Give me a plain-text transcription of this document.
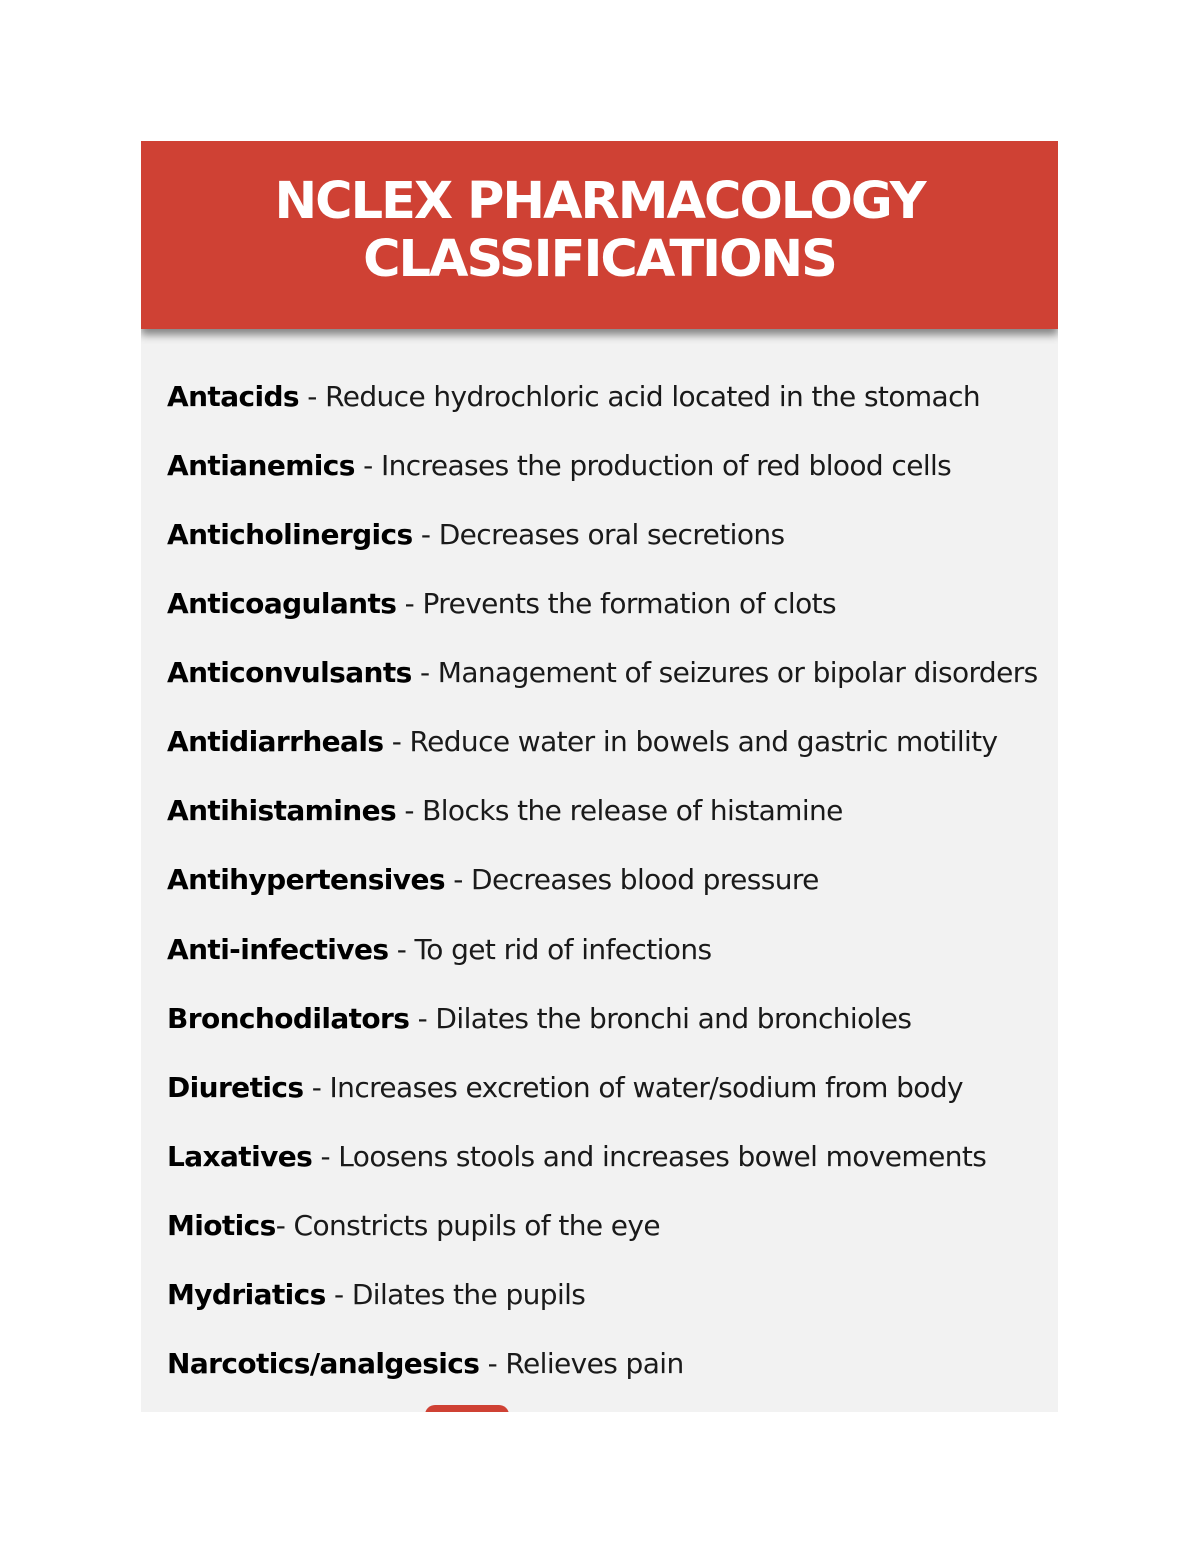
NCLEX PHARMACOLOGY
CLASSIFICATIONS
Antacids - Reduce hydrochloric acid located in the stomach
Antianemics - Increases the production of red blood cells
Anticholinergics - Decreases oral secretions
Anticoagulants - Prevents the formation of clots
Anticonvulsants - Management of seizures or bipolar disorders
Antidiarrheals - Reduce water in bowels and gastric motility
Antihistamines - Blocks the release of histamine
Antihypertensives - Decreases blood pressure
Anti-infectives - To get rid of infections
Bronchodilators - Dilates the bronchi and bronchioles
Diuretics - Increases excretion of water/sodium from body
Laxatives - Loosens stools and increases bowel movements
Miotics- Constricts pupils of the eye
Mydriatics - Dilates the pupils
Narcotics/analgesics - Relieves pain
